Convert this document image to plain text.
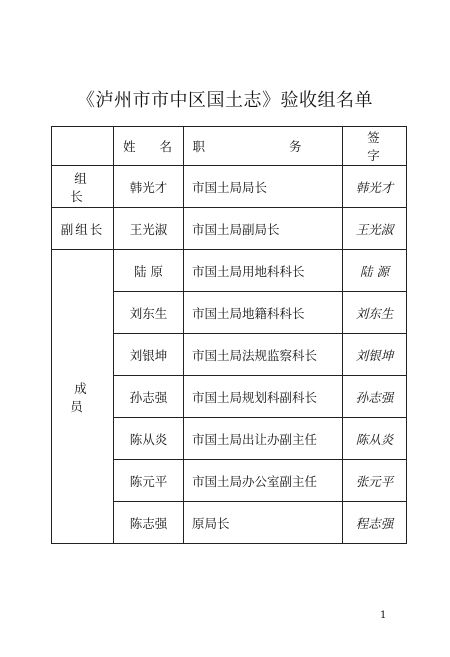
《泸州市市中区国土志》验收组名单
	姓 名	职 务	签 字
组 长	韩光才	市国土局局长	韩光才
副组长	王光淑	市国土局副局长	王光淑
成 员	陆 原	市国土局用地科科长	陆 源
	刘东生	市国土局地籍科科长	刘东生
	刘银坤	市国土局法规监察科长	刘银坤
	孙志强	市国土局规划科副科长	孙志强
	陈从炎	市国土局出让办副主任	陈从炎
	陈元平	市国土局办公室副主任	张元平
	陈志强	原局长	程志强
1
